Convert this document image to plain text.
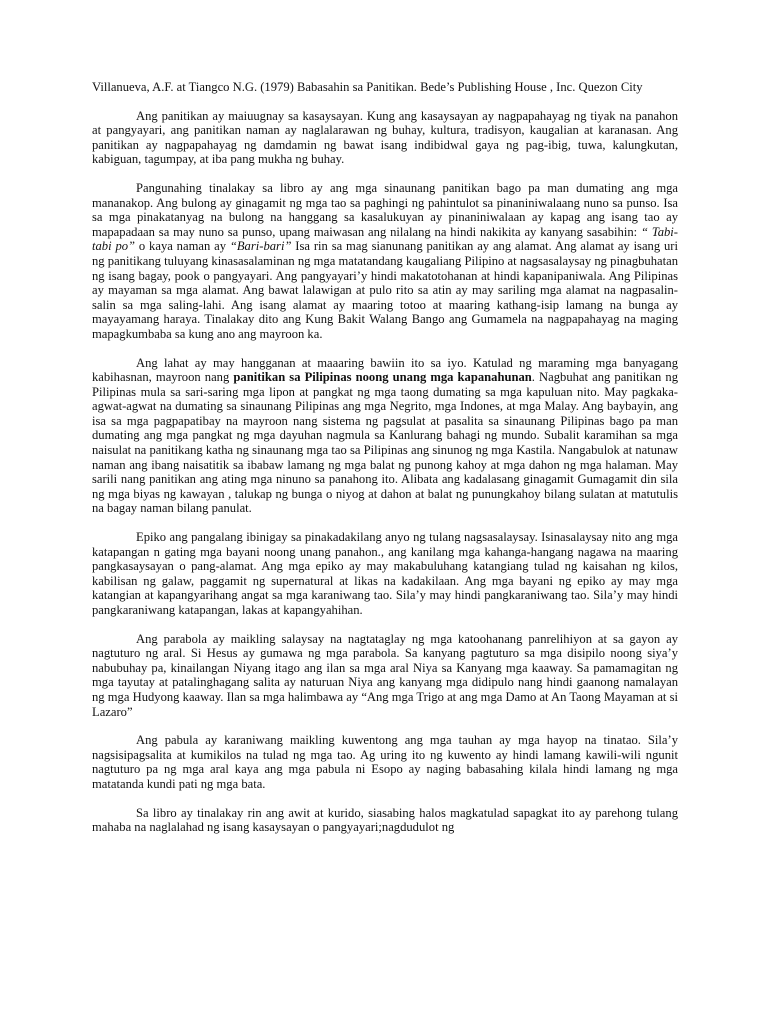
Villanueva, A.F. at Tiangco N.G. (1979) Babasahin sa Panitikan. Bede’s Publishing House , Inc. Quezon City

Ang panitikan ay maiuugnay sa kasaysayan. Kung ang kasaysayan ay nagpapahayag ng tiyak na panahon at pangyayari, ang panitikan naman ay naglalarawan ng buhay, kultura, tradisyon, kaugalian at karanasan. Ang panitikan ay nagpapahayag ng damdamin ng bawat isang indibidwal gaya ng pag-ibig, tuwa, kalungkutan, kabiguan, tagumpay, at iba pang mukha ng buhay.

Pangunahing tinalakay sa libro ay ang mga sinaunang panitikan bago pa man dumating ang mga mananakop. Ang bulong ay ginagamit ng mga tao sa paghingi ng pahintulot sa pinaniniwalaang nuno sa punso. Isa sa mga pinakatanyag na bulong na hanggang sa kasalukuyan ay pinaniniwalaan ay kapag ang isang tao ay mapapadaan sa may nuno sa punso, upang maiwasan ang nilalang na hindi nakikita ay kanyang sasabihin: “ Tabi-tabi po” o kaya naman ay “Bari-bari” Isa rin sa mag sianunang panitikan ay ang alamat. Ang alamat ay isang uri ng panitikang tuluyang kinasasalaminan ng mga matatandang kaugaliang Pilipino at nagsasalaysay ng pinagbuhatan ng isang bagay, pook o pangyayari. Ang pangyayari’y hindi makatotohanan at hindi kapanipaniwala. Ang Pilipinas ay mayaman sa mga alamat. Ang bawat lalawigan at pulo rito sa atin ay may sariling mga alamat na nagpasalin-salin sa mga saling-lahi. Ang isang alamat ay maaring totoo at maaring kathang-isip lamang na bunga ay mayayamang haraya. Tinalakay dito ang Kung Bakit Walang Bango ang Gumamela na nagpapahayag na maging mapagkumbaba sa kung ano ang mayroon ka.

Ang lahat ay may hangganan at maaaring bawiin ito sa iyo. Katulad ng maraming mga banyagang kabihasnan, mayroon nang panitikan sa Pilipinas noong unang mga kapanahunan. Nagbuhat ang panitikan ng Pilipinas mula sa sari-saring mga lipon at pangkat ng mga taong dumating sa mga kapuluan nito. May pagkaka-agwat-agwat na dumating sa sinaunang Pilipinas ang mga Negrito, mga Indones, at mga Malay. Ang baybayin, ang isa sa mga pagpapatibay na mayroon nang sistema ng pagsulat at pasalita sa sinaunang Pilipinas bago pa man dumating ang mga pangkat ng mga dayuhan nagmula sa Kanlurang bahagi ng mundo. Subalit karamihan sa mga naisulat na panitikang katha ng sinaunang mga tao sa Pilipinas ang sinunog ng mga Kastila. Nangabulok at natunaw naman ang ibang naisatitik sa ibabaw lamang ng mga balat ng punong kahoy at mga dahon ng mga halaman. May sarili nang panitikan ang ating mga ninuno sa panahong ito. Alibata ang kadalasang ginagamit Gumagamit din sila ng mga biyas ng kawayan , talukap ng bunga o niyog at dahon at balat ng punungkahoy bilang sulatan at matutulis na bagay naman bilang panulat.

Epiko ang pangalang ibinigay sa pinakadakilang anyo ng tulang nagsasalaysay. Isinasalaysay nito ang mga katapangan n gating mga bayani noong unang panahon., ang kanilang mga kahanga-hangang nagawa na maaring pangkasaysayan o pang-alamat. Ang mga epiko ay may makabuluhang katangiang tulad ng kaisahan ng kilos, kabilisan ng galaw, paggamit ng supernatural at likas na kadakilaan. Ang mga bayani ng epiko ay may mga katangian at kapangyarihang angat sa mga karaniwang tao. Sila’y may hindi pangkaraniwang tao. Sila’y may hindi pangkaraniwang katapangan, lakas at kapangyahihan.

Ang parabola ay maikling salaysay na nagtataglay ng mga katoohanang panrelihiyon at sa gayon ay nagtuturo ng aral. Si Hesus ay gumawa ng mga parabola. Sa kanyang pagtuturo sa mga disipilo noong siya’y nabubuhay pa, kinailangan Niyang itago ang ilan sa mga aral Niya sa Kanyang mga kaaway. Sa pamamagitan ng mga tayutay at patalinghagang salita ay naturuan Niya ang kanyang mga didipulo nang hindi gaanong namalayan ng mga Hudyong kaaway. Ilan sa mga halimbawa ay “Ang mga Trigo at ang mga Damo at An Taong Mayaman at si Lazaro”

Ang pabula ay karaniwang maikling kuwentong ang mga tauhan ay mga hayop na tinatao. Sila’y nagsisipagsalita at kumikilos na tulad ng mga tao. Ag uring ito ng kuwento ay hindi lamang kawili-wili ngunit nagtuturo pa ng mga aral kaya ang mga pabula ni Esopo ay naging babasahing kilala hindi lamang ng mga matatanda kundi pati ng mga bata.

Sa libro ay tinalakay rin ang awit at kurido, siasabing halos magkatulad sapagkat ito ay parehong tulang mahaba na naglalahad ng isang kasaysayan o pangyayari;nagdudulot ng
